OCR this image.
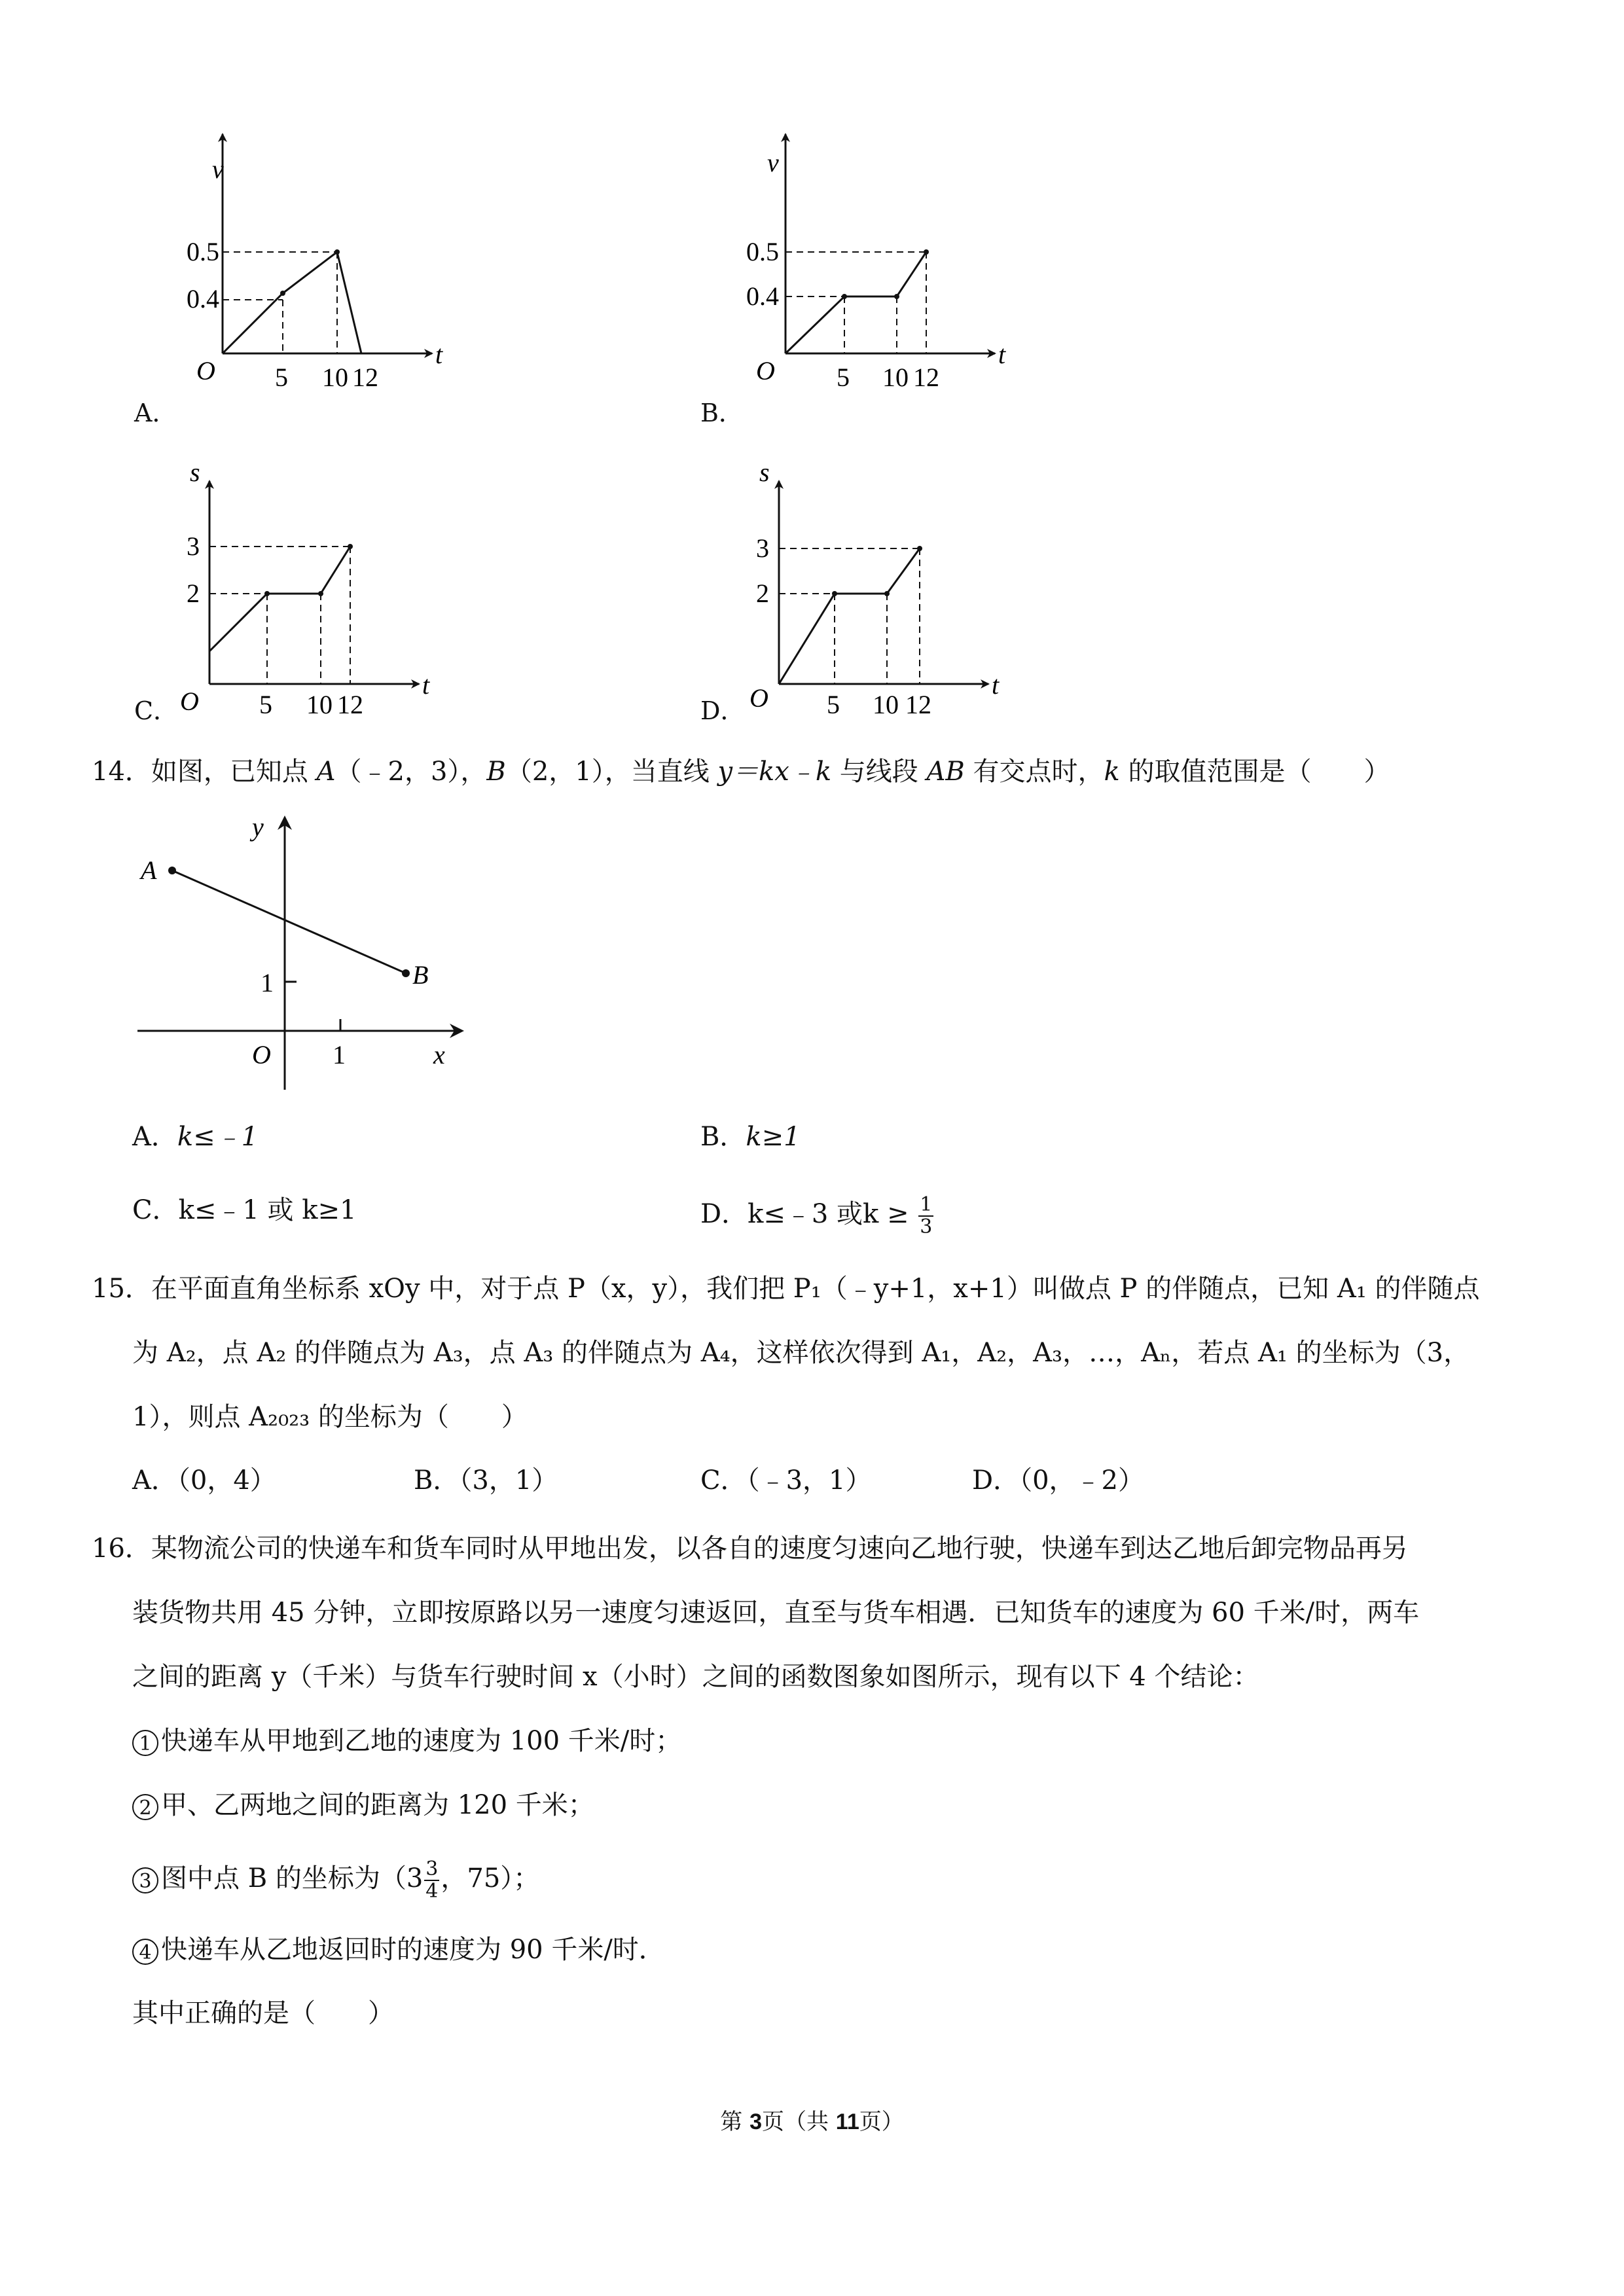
v
t
O
0.5
0.4
5 10 12
A．
v
t
O
0.5
0.4
5 10 12
B．
s
t
O
3
2
5 10 12
C．
s
t
O
3
2
5 10 12
D．
14．如图，已知点 A（﹣2，3），B（2，1），当直线 y＝kx﹣k 与线段 AB 有交点时，k 的取值范围是（　　）
y
x
O
1
1
A
B
A．k≤﹣1	B．k≥1
C．k≤﹣1 或 k≥1	D．k≤﹣3 或$k \ge \frac{1}{3}$
15．在平面直角坐标系 xOy 中，对于点 P（x，y），我们把 P₁（﹣y+1，x+1）叫做点 P 的伴随点，已知 A₁ 的伴随点
为 A₂，点 A₂ 的伴随点为 A₃，点 A₃ 的伴随点为 A₄，这样依次得到 A₁，A₂，A₃，…，Aₙ，若点 A₁ 的坐标为（3，
1），则点 A₂₀₂₃ 的坐标为（　　）
A．（0，4）	B．（3，1）	C．（﹣3，1）	D．（0，﹣2）
16．某物流公司的快递车和货车同时从甲地出发，以各自的速度匀速向乙地行驶，快递车到达乙地后卸完物品再另
装货物共用 45 分钟，立即按原路以另一速度匀速返回，直至与货车相遇．已知货车的速度为 60 千米/时，两车
之间的距离 y（千米）与货车行驶时间 x（小时）之间的函数图象如图所示，现有以下 4 个结论：
1 快递车从甲地到乙地的速度为 100 千米/时；
2 甲、乙两地之间的距离为 120 千米；
3 图中点 B 的坐标为（$3 \frac{3}{4}$ ，75）；
4 快递车从乙地返回时的速度为 90 千米/时．
其中正确的是（　　）
第 3页（共 11页）
